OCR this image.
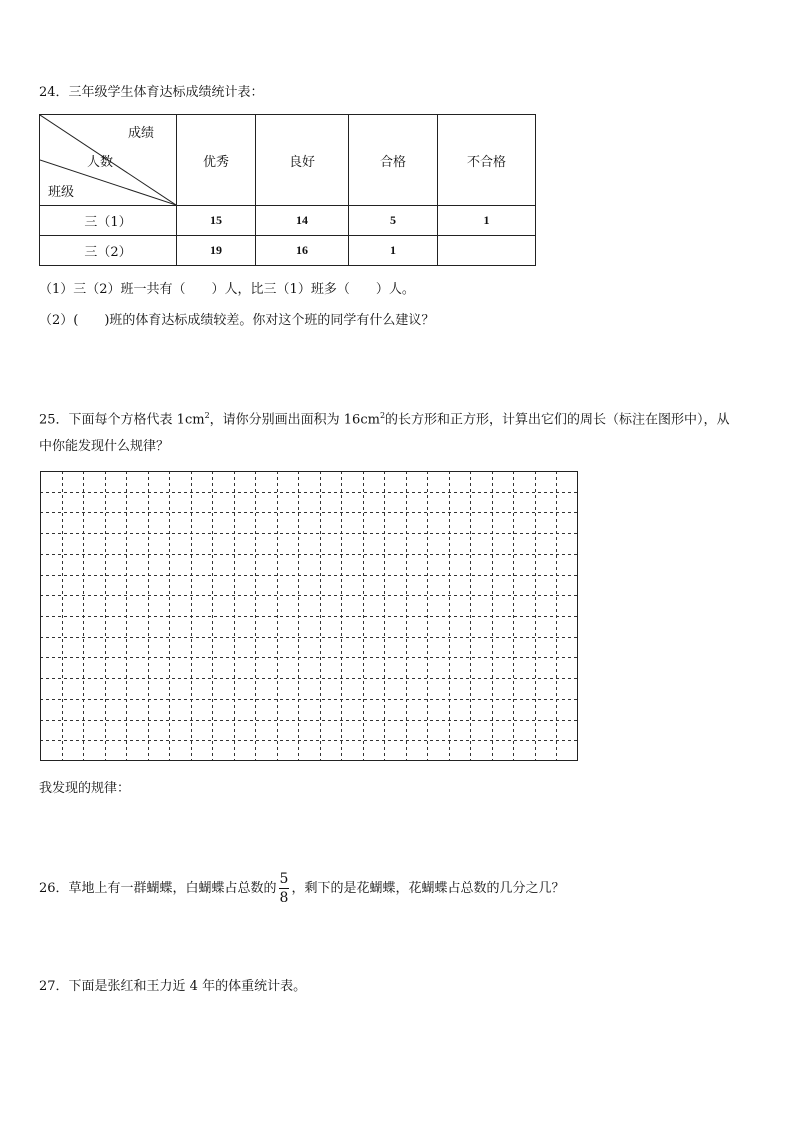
24．三年级学生体育达标成绩统计表：
成绩
人数
班级	优秀	良好	合格	不合格
三（1）	15	14	5	1
三（2）	19	16	1	
（1）三（2）班一共有（　　）人，比三（1）班多（　　）人。
（2）(　　)班的体育达标成绩较差。你对这个班的同学有什么建议？
25．下面每个方格代表 $1cm^2$，请你分别画出面积为 $16cm^2$的长方形和正方形，计算出它们的周长（标注在图形中），从
中你能发现什么规律？
我发现的规律：
26．草地上有一群蝴蝶，白蝴蝶占总数的 $\frac{5}{8}$ ，剩下的是花蝴蝶，花蝴蝶占总数的几分之几？
27．下面是张红和王力近 4 年的体重统计表。
